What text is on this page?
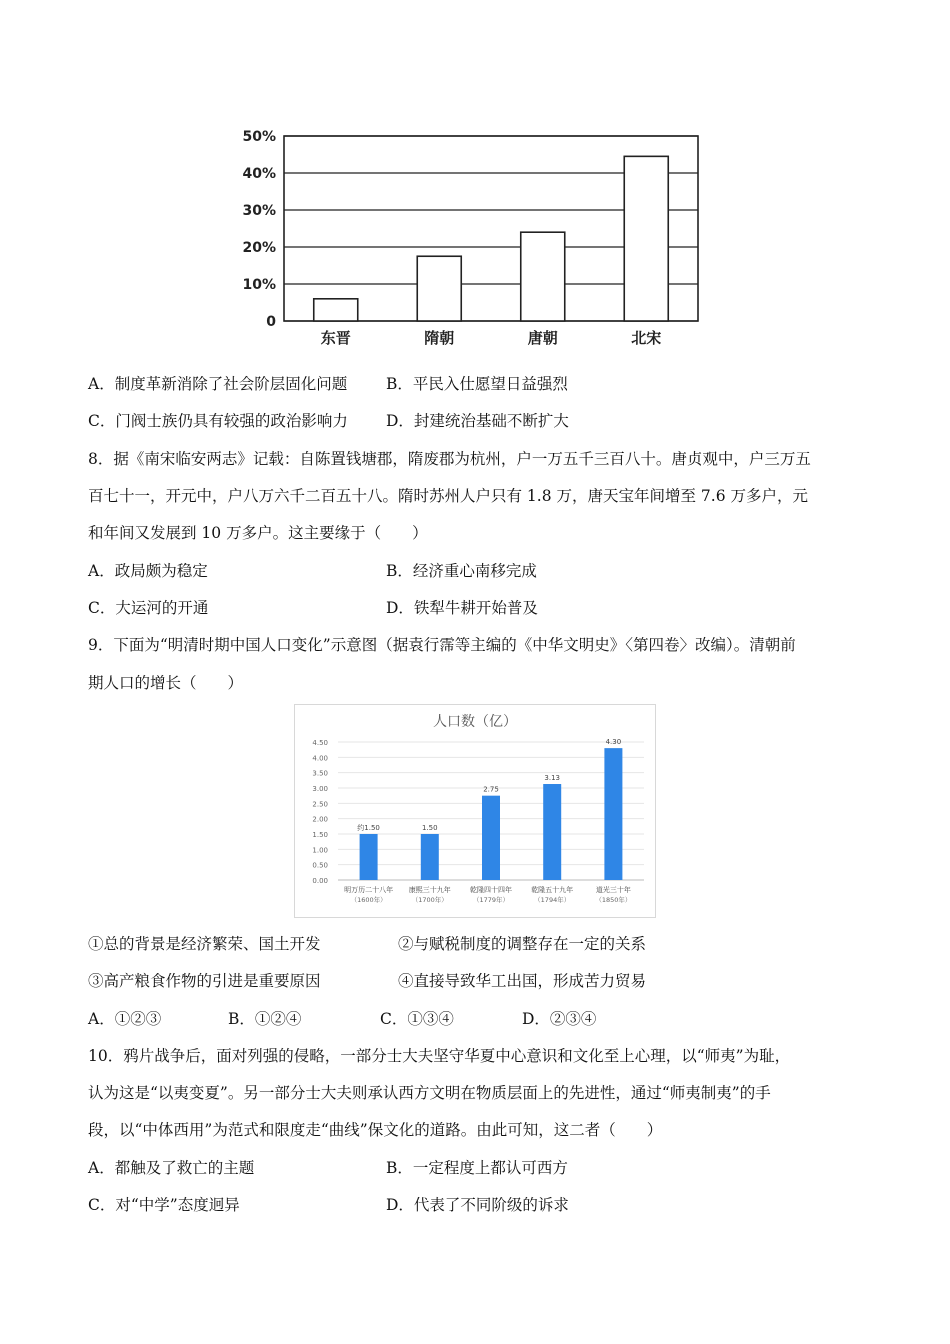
50%
40%
30%
20%
10%
0
东晋	隋朝	唐朝	北宋
A．制度革新消除了社会阶层固化问题	B．平民入仕愿望日益强烈
C．门阀士族仍具有较强的政治影响力 D．封建统治基础不断扩大
8．据《南宋临安两志》记载：自陈置钱塘郡，隋废郡为杭州，户一万五千三百八十。唐贞观中，户三万五
百七十一，开元中，户八万六千二百五十八。隋时苏州人户只有 1.8 万，唐天宝年间增至 7.6 万多户，元
和年间又发展到 10 万多户。这主要缘于（　　）
A．政局颇为稳定	B．经济重心南移完成
C．大运河的开通	D．铁犁牛耕开始普及
9．下面为“明清时期中国人口变化”示意图（据袁行霈等主编的《中华文明史》〈第四卷〉改编）。清朝前
期人口的增长（　　）
人口数（亿）
4.50
4.00
3.50
3.00
2.50
2.00
1.50
1.00
0.50
0.00
约1.50
明万历二十八年
（1600年）
1.50
康熙三十九年
（1700年）
2.75
乾隆四十四年
（1779年）
3.13
乾隆五十九年
（1794年）
4.30
道光三十年
（1850年）
①总的背景是经济繁荣、国土开发	②与赋税制度的调整存在一定的关系
③高产粮食作物的引进是重要原因	④直接导致华工出国，形成苦力贸易
A．①②③	B．①②④	C．①③④	D．②③④
10．鸦片战争后，面对列强的侵略，一部分士大夫坚守华夏中心意识和文化至上心理，以“师夷”为耻，
认为这是“以夷变夏”。另一部分士大夫则承认西方文明在物质层面上的先进性，通过“师夷制夷”的手
段，以“中体西用”为范式和限度走“曲线”保文化的道路。由此可知，这二者（　　）
A．都触及了救亡的主题	B．一定程度上都认可西方
C．对“中学”态度迥异	D．代表了不同阶级的诉求
